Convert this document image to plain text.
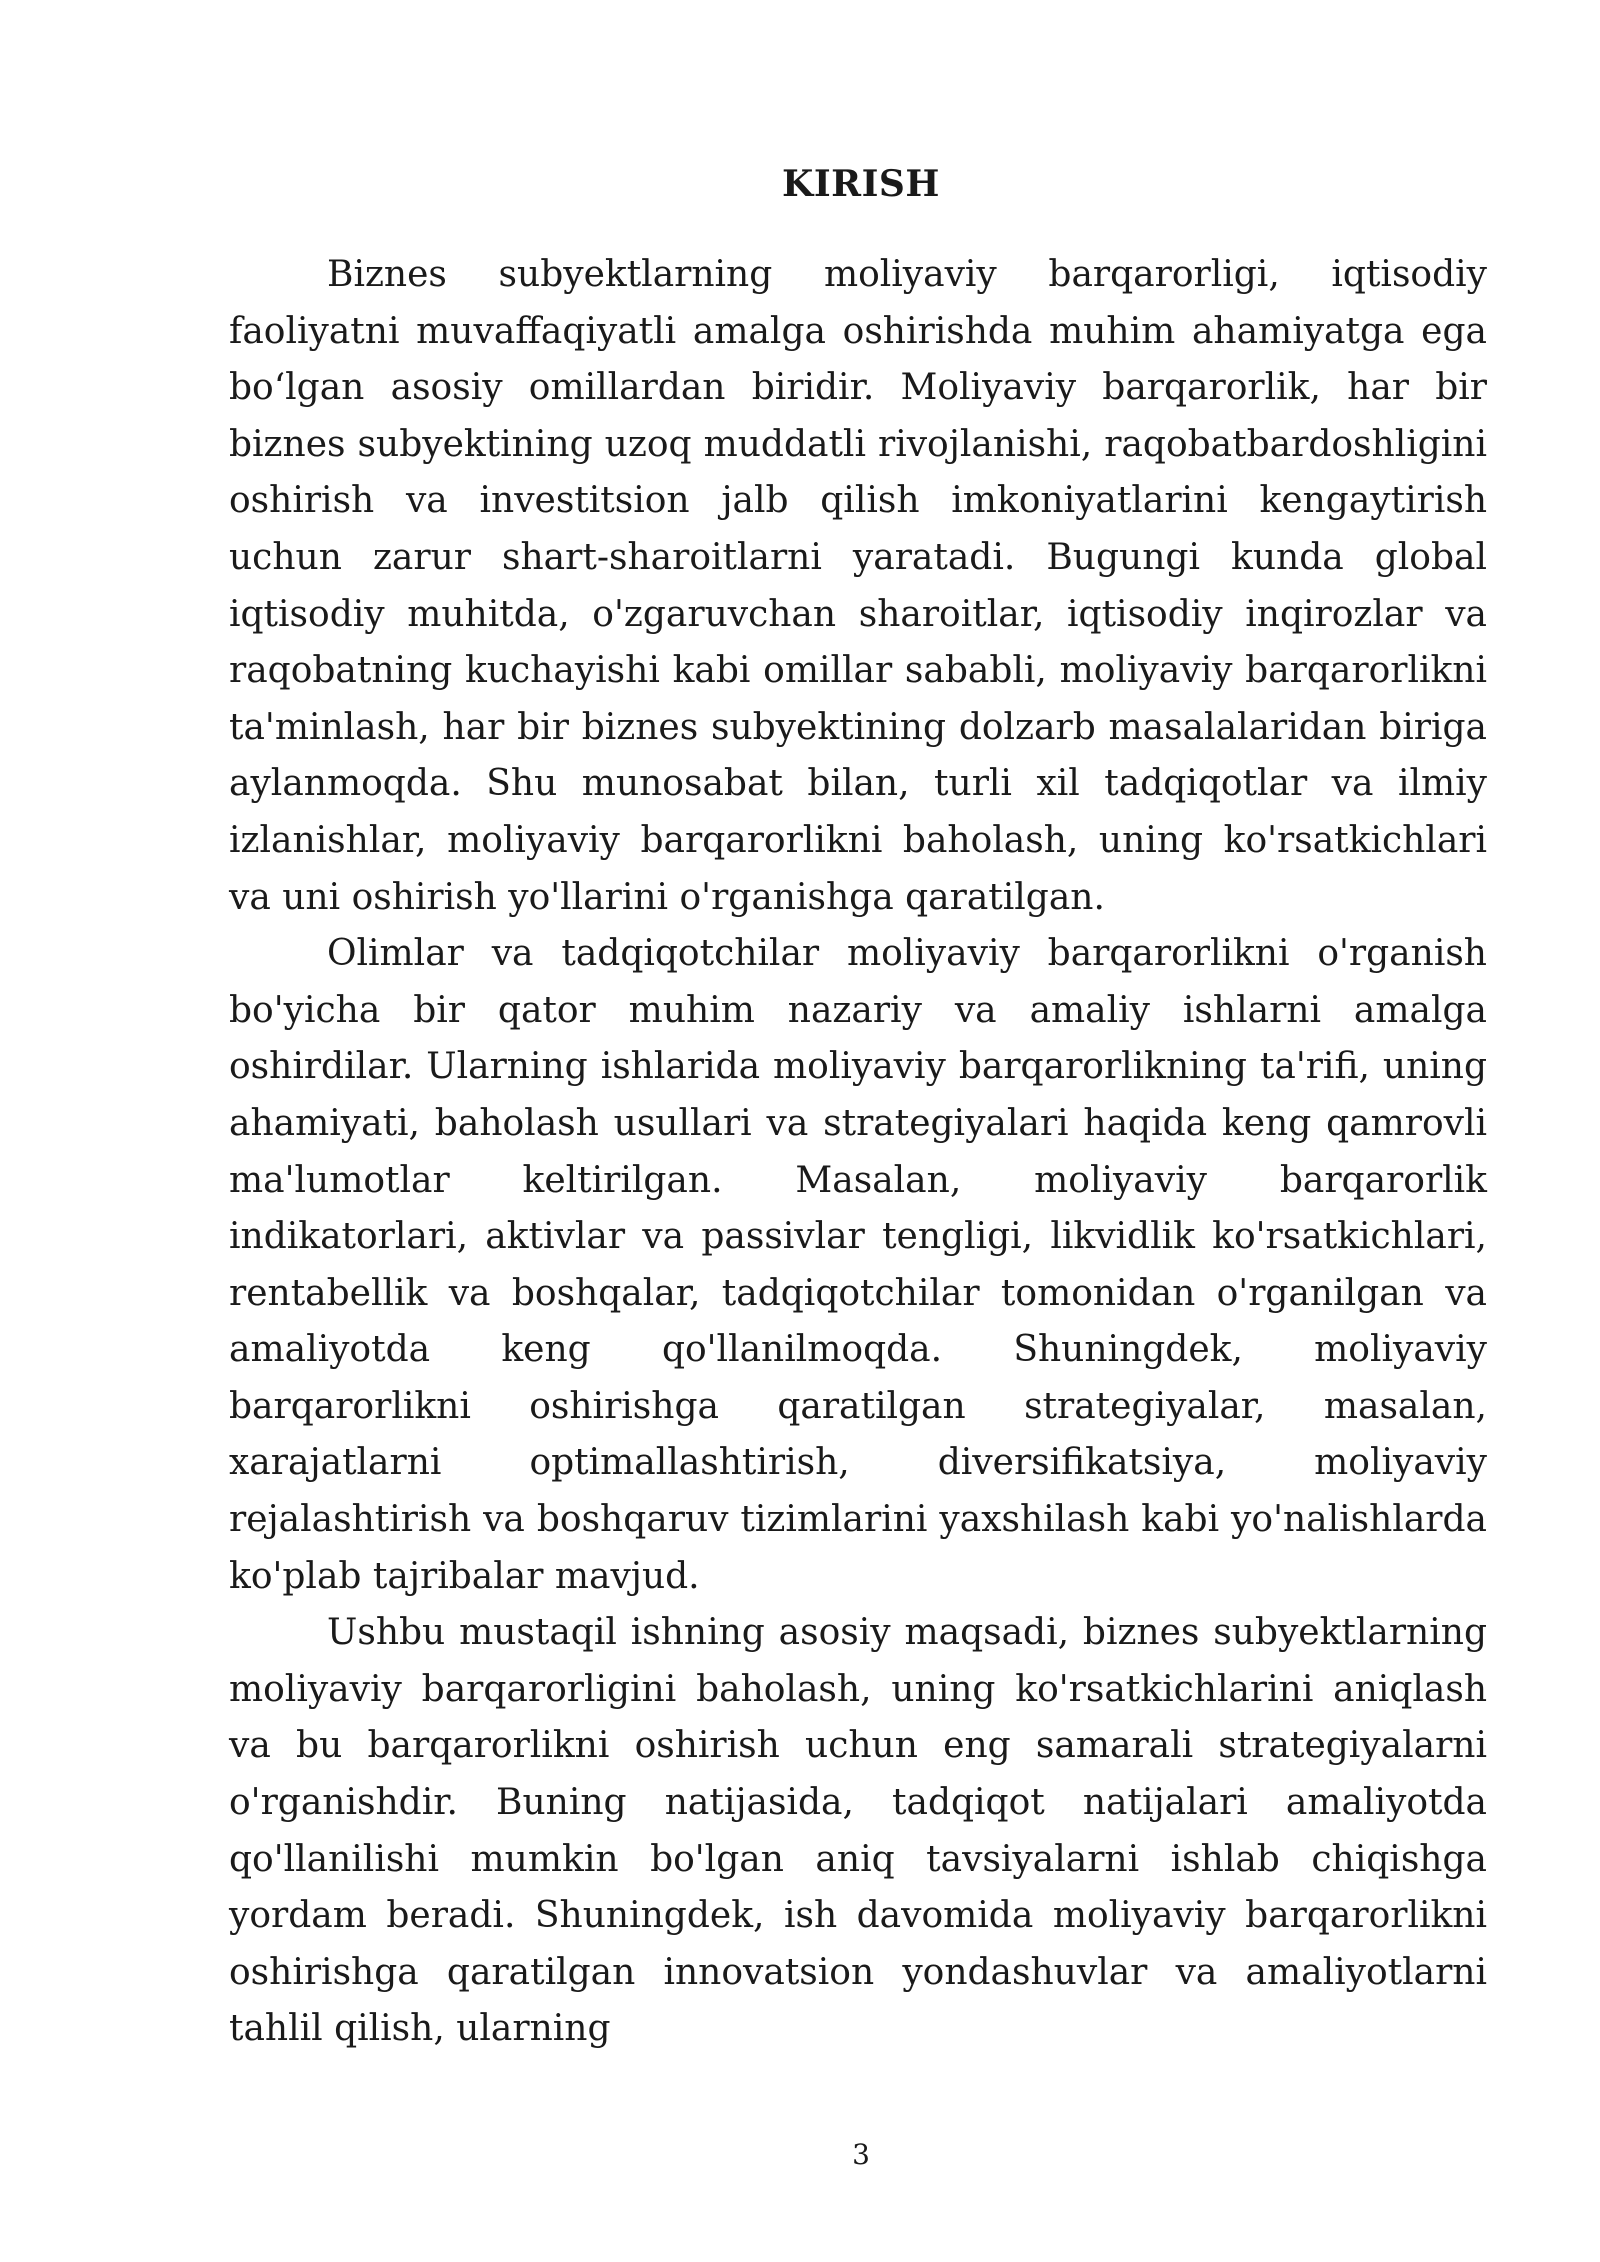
KIRISH

Biznes subyektlarning moliyaviy barqarorligi, iqtisodiy faoliyatni muvaffaqiyatli amalga oshirishda muhim ahamiyatga ega bo‘lgan asosiy omillardan biridir. Moliyaviy barqarorlik, har bir biznes subyektining uzoq muddatli rivojlanishi, raqobatbardoshligini oshirish va investitsion jalb qilish imkoniyatlarini kengaytirish uchun zarur shart-sharoitlarni yaratadi. Bugungi kunda global iqtisodiy muhitda, o'zgaruvchan sharoitlar, iqtisodiy inqirozlar va raqobatning kuchayishi kabi omillar sababli, moliyaviy barqarorlikni ta'minlash, har bir biznes subyektining dolzarb masalalaridan biriga aylanmoqda. Shu munosabat bilan, turli xil tadqiqotlar va ilmiy izlanishlar, moliyaviy barqarorlikni baholash, uning ko'rsatkichlari va uni oshirish yo'llarini o'rganishga qaratilgan.

Olimlar va tadqiqotchilar moliyaviy barqarorlikni o'rganish bo'yicha bir qator muhim nazariy va amaliy ishlarni amalga oshirdilar. Ularning ishlarida moliyaviy barqarorlikning ta'rifi, uning ahamiyati, baholash usullari va strategiyalari haqida keng qamrovli ma'lumotlar keltirilgan. Masalan, moliyaviy barqarorlik indikatorlari, aktivlar va passivlar tengligi, likvidlik ko'rsatkichlari, rentabellik va boshqalar, tadqiqotchilar tomonidan o'rganilgan va amaliyotda keng qo'llanilmoqda. Shuningdek, moliyaviy barqarorlikni oshirishga qaratilgan strategiyalar, masalan, xarajatlarni optimallashtirish, diversifikatsiya, moliyaviy rejalashtirish va boshqaruv tizimlarini yaxshilash kabi yo'nalishlarda ko'plab tajribalar mavjud.

Ushbu mustaqil ishning asosiy maqsadi, biznes subyektlarning moliyaviy barqarorligini baholash, uning ko'rsatkichlarini aniqlash va bu barqarorlikni oshirish uchun eng samarali strategiyalarni o'rganishdir. Buning natijasida, tadqiqot natijalari amaliyotda qo'llanilishi mumkin bo'lgan aniq tavsiyalarni ishlab chiqishga yordam beradi. Shuningdek, ish davomida moliyaviy barqarorlikni oshirishga qaratilgan innovatsion yondashuvlar va amaliyotlarni tahlil qilish, ularning

3
